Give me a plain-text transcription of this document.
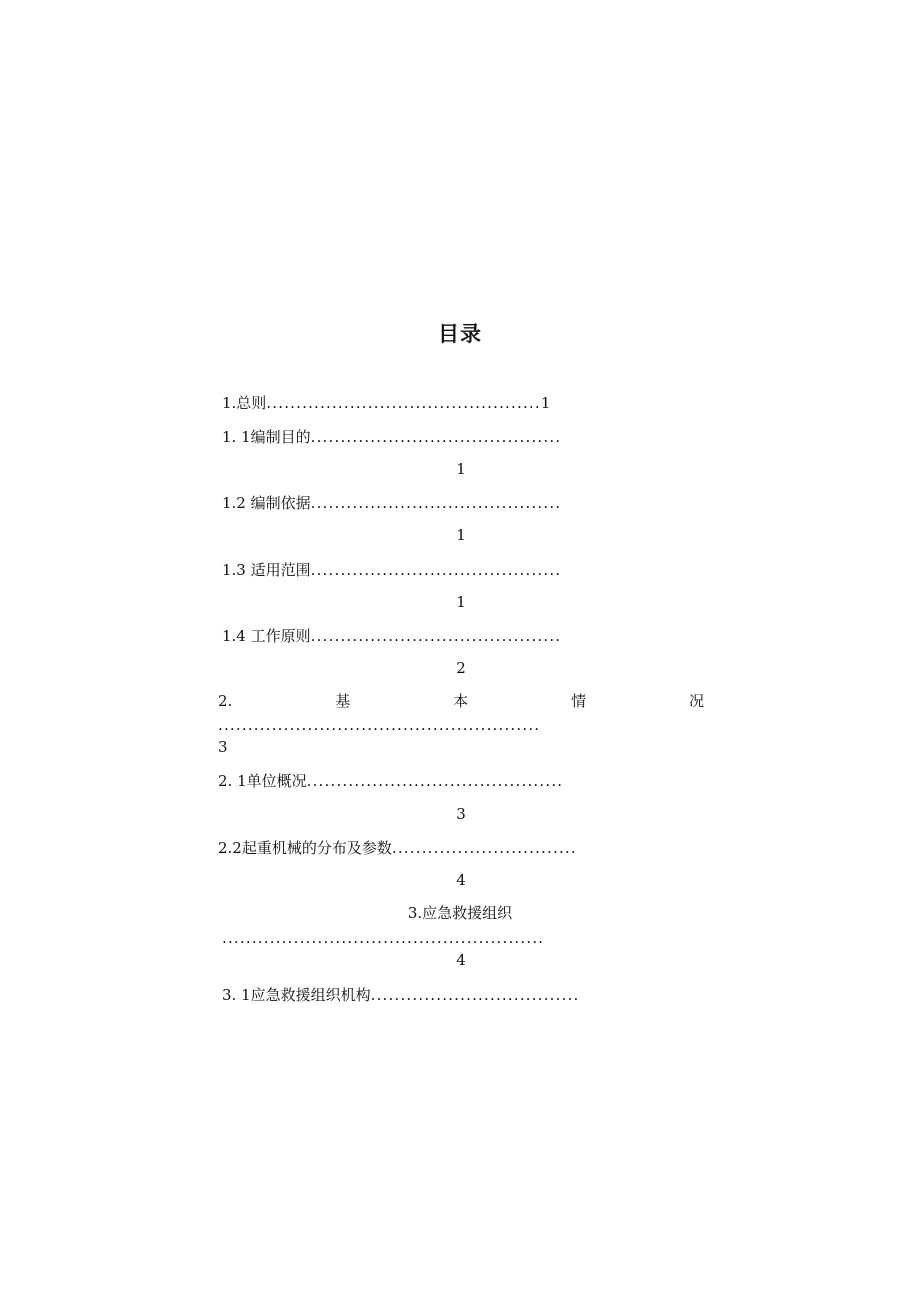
目录
1.总则..............................................1
1. 1编制目的..........................................
1
1.2 编制依据..........................................
1
1.3 适用范围..........................................
1
1.4 工作原则..........................................
2
2.	基	本	情	况
......................................................
3
2. 1单位概况...........................................
3
2.2起重机械的分布及参数...............................
4
3.应急救援组织
......................................................
4
3. 1应急救援组织机构...................................
